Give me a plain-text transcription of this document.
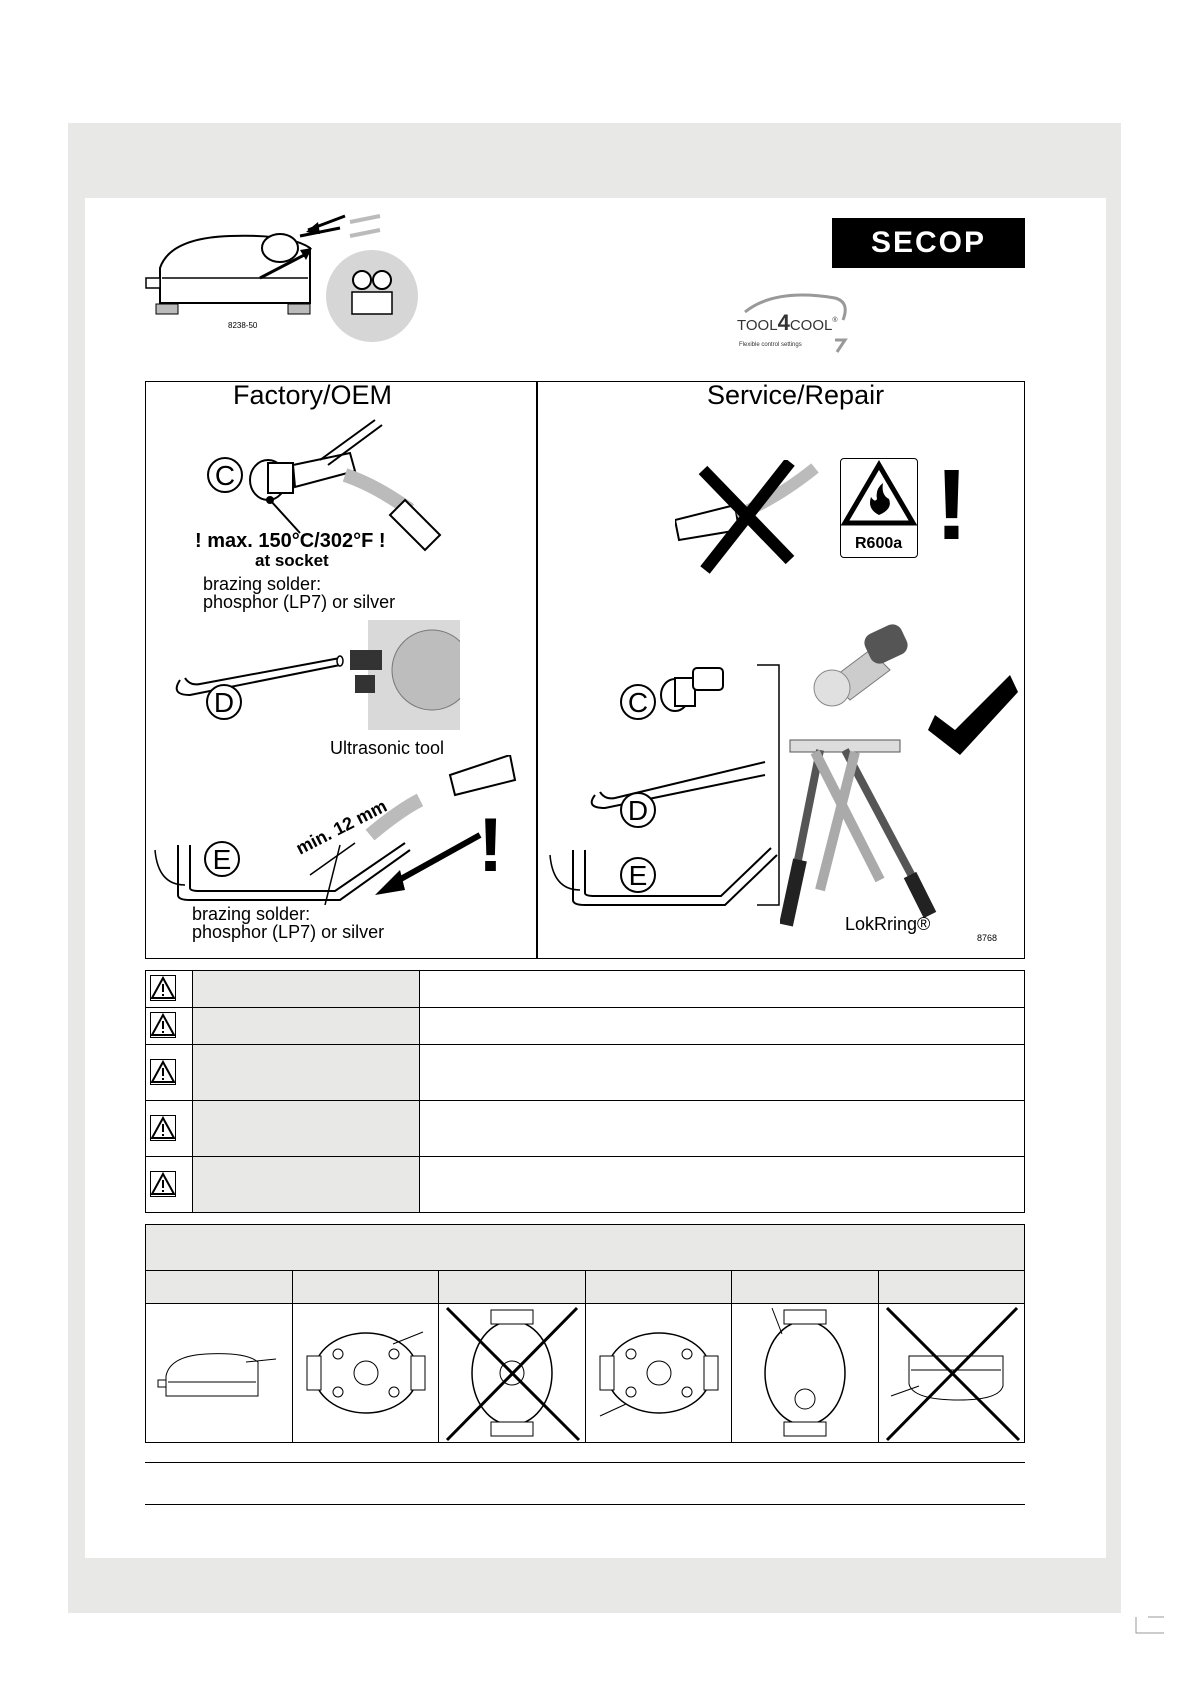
8238-50
SECOP
TOOL4COOL®
Flexible control settings
Factory/OEM	Service/Repair
C
! max. 150°C/302°F !
at socket
brazing solder:
phosphor (LP7) or silver
D
Ultrasonic tool
E
min. 12 mm !
brazing solder:
phosphor (LP7) or silver
R600a !
C
D
E
LokRring®
8768
